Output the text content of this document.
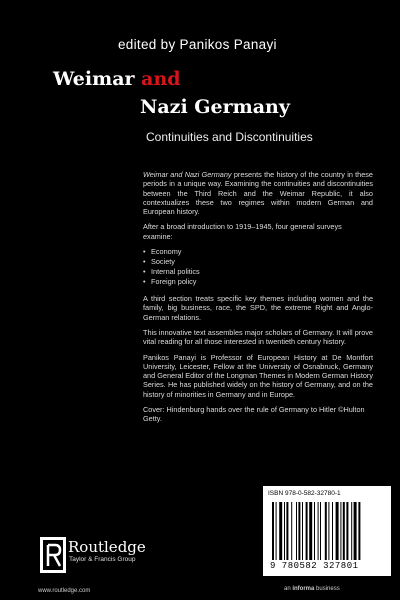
edited by Panikos Panayi
Weimar and
Nazi Germany
Continuities and Discontinuities

Weimar and Nazi Germany presents the history of the country in these periods in a unique way. Examining the continuities and discontinuities between the Third Reich and the Weimar Republic, it also contextualizes these two regimes within modern German and European history.

After a broad introduction to 1919–1945, four general surveys examine:

• Economy
• Society
• Internal politics
• Foreign policy

A third section treats specific key themes including women and the family, big business, race, the SPD, the extreme Right and Anglo-German relations.

This innovative text assembles major scholars of Germany. It will prove vital reading for all those interested in twentieth century history.

Panikos Panayi is Professor of European History at De Montfort University, Leicester, Fellow at the University of Osnabruck, Germany and General Editor of the Longman Themes in Modern German History Series. He has published widely on the history of Germany, and on the history of minorities in Germany and in Europe.

Cover: Hindenburg hands over the rule of Germany to Hitler ©Hulton Getty.

ISBN 978-0-582-32780-1
9 780582 327801
an informa business
Routledge
Taylor & Francis Group
www.routledge.com
